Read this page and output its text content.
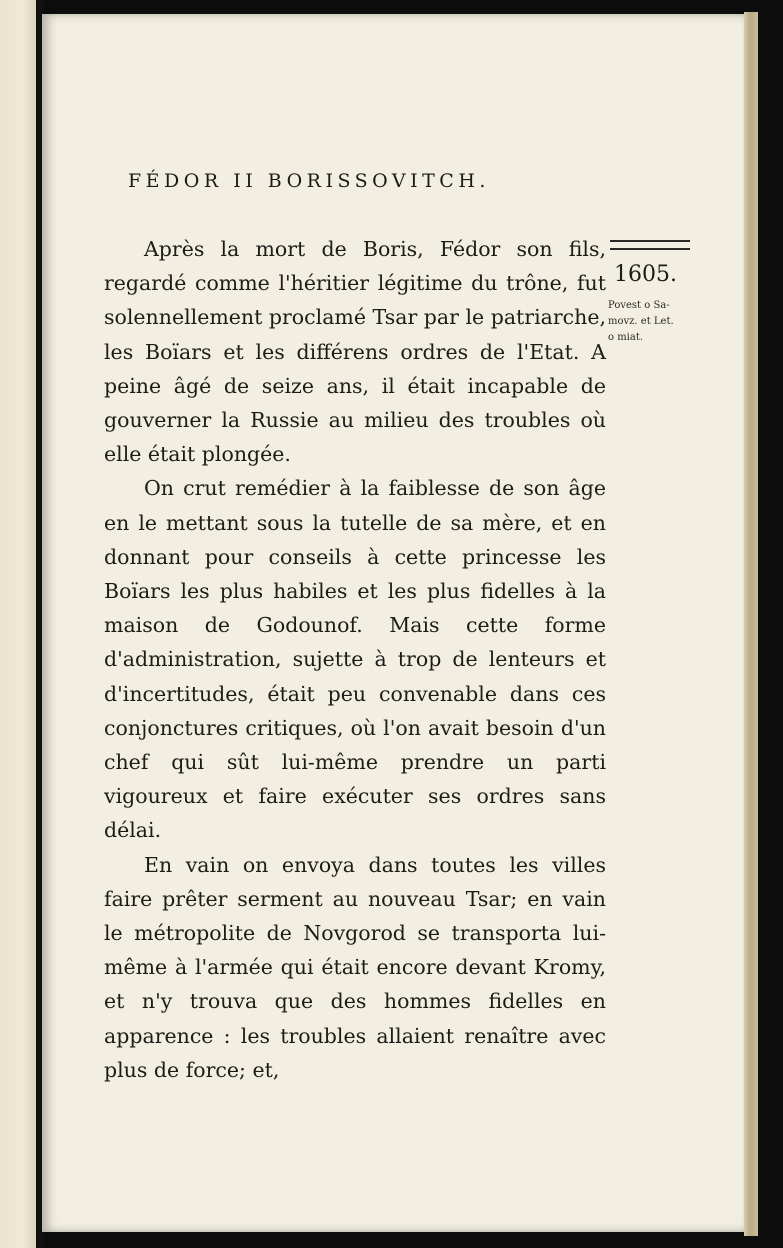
FÉDOR II BORISSOVITCH.
1605.
Povest o Sa-
movz. et Let.
o miat.

Après la mort de Boris, Fédor son fils, regardé comme l'héritier légitime du trône, fut solennellement proclamé Tsar par le patriarche, les Boïars et les différens ordres de l'Etat. A peine âgé de seize ans, il était incapable de gouverner la Russie au milieu des troubles où elle était plongée.

On crut remédier à la faiblesse de son âge en le mettant sous la tutelle de sa mère, et en donnant pour conseils à cette princesse les Boïars les plus habiles et les plus fidelles à la maison de Godounof. Mais cette forme d'administration, sujette à trop de lenteurs et d'incertitudes, était peu convenable dans ces conjonctures critiques, où l'on avait besoin d'un chef qui sût lui-même prendre un parti vigoureux et faire exécuter ses ordres sans délai.

En vain on envoya dans toutes les villes faire prêter serment au nouveau Tsar; en vain le métropolite de Novgorod se transporta lui-même à l'armée qui était encore devant Kromy, et n'y trouva que des hommes fidelles en apparence : les troubles allaient renaître avec plus de force; et,
